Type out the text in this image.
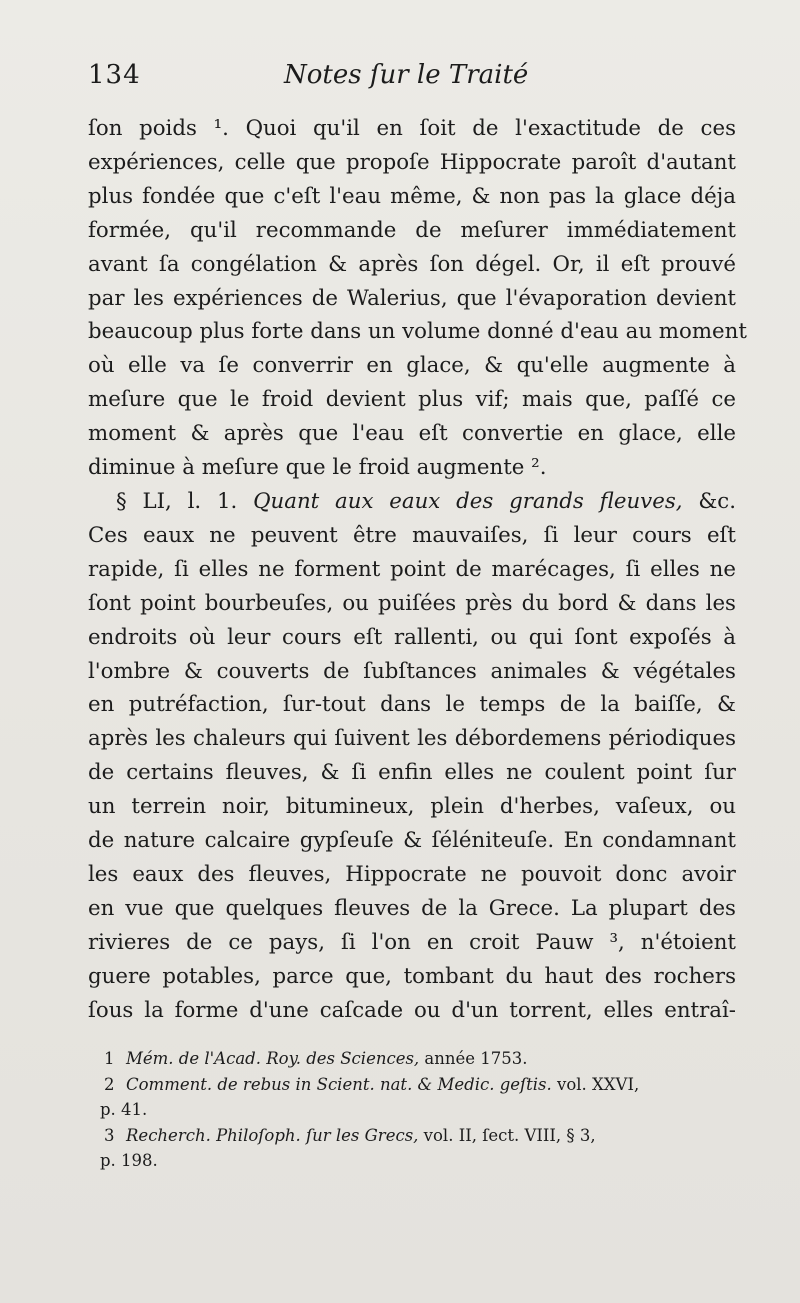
134	Notes ſur le Traité
ſon poids ¹. Quoi qu'il en ſoit de l'exactitude de ces
expériences, celle que propoſe Hippocrate paroît d'autant
plus fondée que c'eſt l'eau même, & non pas la glace déja
formée, qu'il recommande de meſurer immédiatement
avant ſa congélation & après ſon dégel. Or, il eſt prouvé
par les expériences de Walerius, que l'évaporation devient
beaucoup plus forte dans un volume donné d'eau au moment
où elle va ſe converrir en glace, & qu'elle augmente à
meſure que le froid devient plus vif; mais que, paſſé ce
moment & après que l'eau eſt convertie en glace, elle
diminue à meſure que le froid augmente ².
§ LI, l. 1. Quant aux eaux des grands fleuves, &c.
Ces eaux ne peuvent être mauvaiſes, ſi leur cours eſt
rapide, ſi elles ne forment point de marécages, ſi elles ne
ſont point bourbeuſes, ou puiſées près du bord & dans les
endroits où leur cours eſt rallenti, ou qui ſont expoſés à
l'ombre & couverts de ſubſtances animales & végétales
en putréfaction, ſur-tout dans le temps de la baiſſe, &
après les chaleurs qui ſuivent les débordemens périodiques
de certains fleuves, & ſi enfin elles ne coulent point ſur
un terrein noir, bitumineux, plein d'herbes, vaſeux, ou
de nature calcaire gypſeuſe & ſéléniteuſe. En condamnant
les eaux des fleuves, Hippocrate ne pouvoit donc avoir
en vue que quelques fleuves de la Grece. La plupart des
rivieres de ce pays, ſi l'on en croit Pauw ³, n'étoient
guere potables, parce que, tombant du haut des rochers
ſous la forme d'une caſcade ou d'un torrent, elles entraî-
1 Mém. de l'Acad. Roy. des Sciences, année 1753.
2 Comment. de rebus in Scient. nat. & Medic. geſtis. vol. XXVI,
p. 41.
3 Recherch. Philoſoph. ſur les Grecs, vol. II, ſect. VIII, § 3,
p. 198.
